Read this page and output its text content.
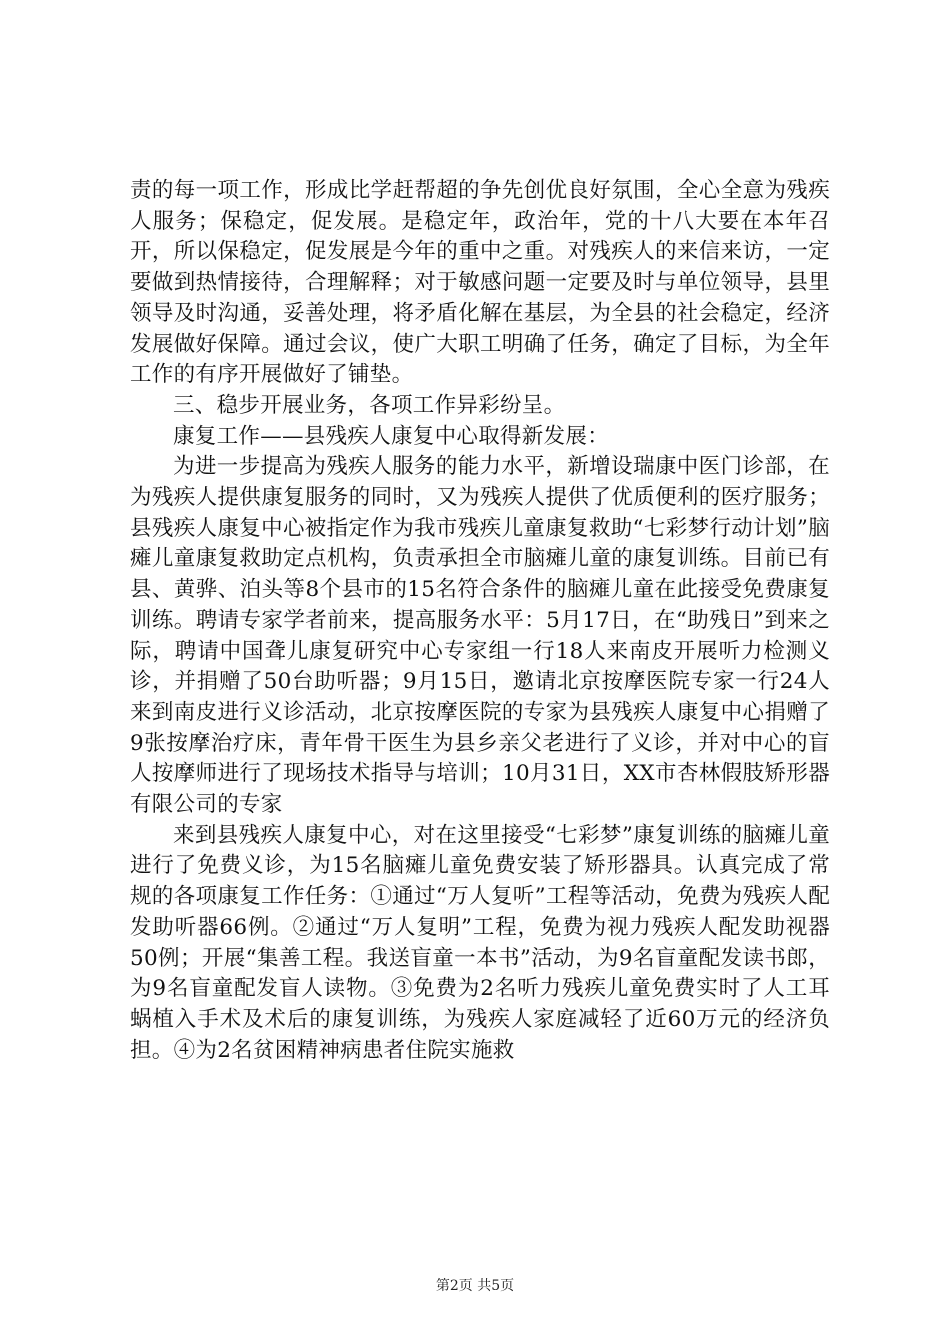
责的每一项工作，形成比学赶帮超的争先创优良好氛围，全心全意为残疾人服务；保稳定，促发展。是稳定年，政治年，党的十八大要在本年召开，所以保稳定，促发展是今年的重中之重。对残疾人的来信来访，一定要做到热情接待，合理解释；对于敏感问题一定要及时与单位领导，县里领导及时沟通，妥善处理，将矛盾化解在基层，为全县的社会稳定，经济发展做好保障。通过会议，使广大职工明确了任务，确定了目标，为全年工作的有序开展做好了铺垫。

三、稳步开展业务，各项工作异彩纷呈。

康复工作——县残疾人康复中心取得新发展：

为进一步提高为残疾人服务的能力水平，新增设瑞康中医门诊部，在为残疾人提供康复服务的同时，又为残疾人提供了优质便利的医疗服务；县残疾人康复中心被指定作为我市残疾儿童康复救助“七彩梦行动计划”脑瘫儿童康复救助定点机构，负责承担全市脑瘫儿童的康复训练。目前已有县、黄骅、泊头等8个县市的15名符合条件的脑瘫儿童在此接受免费康复训练。聘请专家学者前来，提高服务水平：5月17日，在“助残日”到来之际，聘请中国聋儿康复研究中心专家组一行18人来南皮开展听力检测义诊，并捐赠了50台助听器；9月15日，邀请北京按摩医院专家一行24人来到南皮进行义诊活动，北京按摩医院的专家为县残疾人康复中心捐赠了9张按摩治疗床，青年骨干医生为县乡亲父老进行了义诊，并对中心的盲人按摩师进行了现场技术指导与培训；10月31日，XX市杏林假肢矫形器有限公司的专家

来到县残疾人康复中心，对在这里接受“七彩梦”康复训练的脑瘫儿童进行了免费义诊，为15名脑瘫儿童免费安装了矫形器具。认真完成了常规的各项康复工作任务：①通过“万人复听”工程等活动，免费为残疾人配发助听器66例。②通过“万人复明”工程，免费为视力残疾人配发助视器50例；开展“集善工程。我送盲童一本书”活动，为9名盲童配发读书郎，为9名盲童配发盲人读物。③免费为2名听力残疾儿童免费实时了人工耳蜗植入手术及术后的康复训练，为残疾人家庭减轻了近60万元的经济负担。④为2名贫困精神病患者住院实施救

第2页 共5页
